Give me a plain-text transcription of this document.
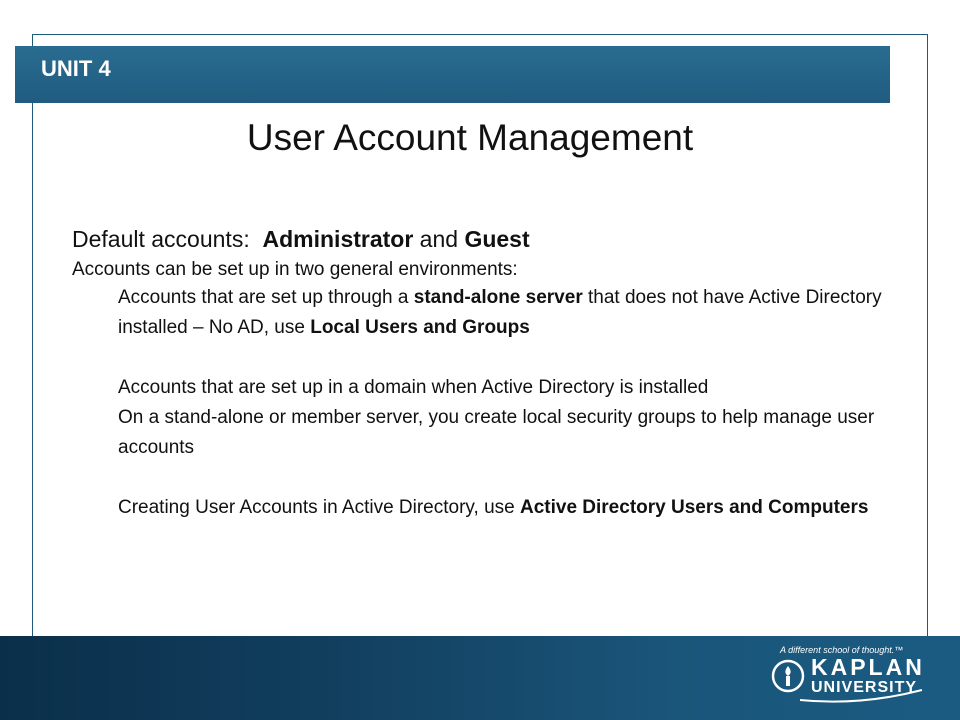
UNIT 4
User Account Management
Default accounts:  Administrator and Guest
Accounts can be set up in two general environments:
Accounts that are set up through a stand-alone server that does not have Active Directory installed – No AD, use Local Users and Groups
Accounts that are set up in a domain when Active Directory is installed
On a stand-alone or member server, you create local security groups to help manage user accounts
Creating User Accounts in Active Directory, use Active Directory Users and Computers
A different school of thought.™
KAPLAN
UNIVERSITY
